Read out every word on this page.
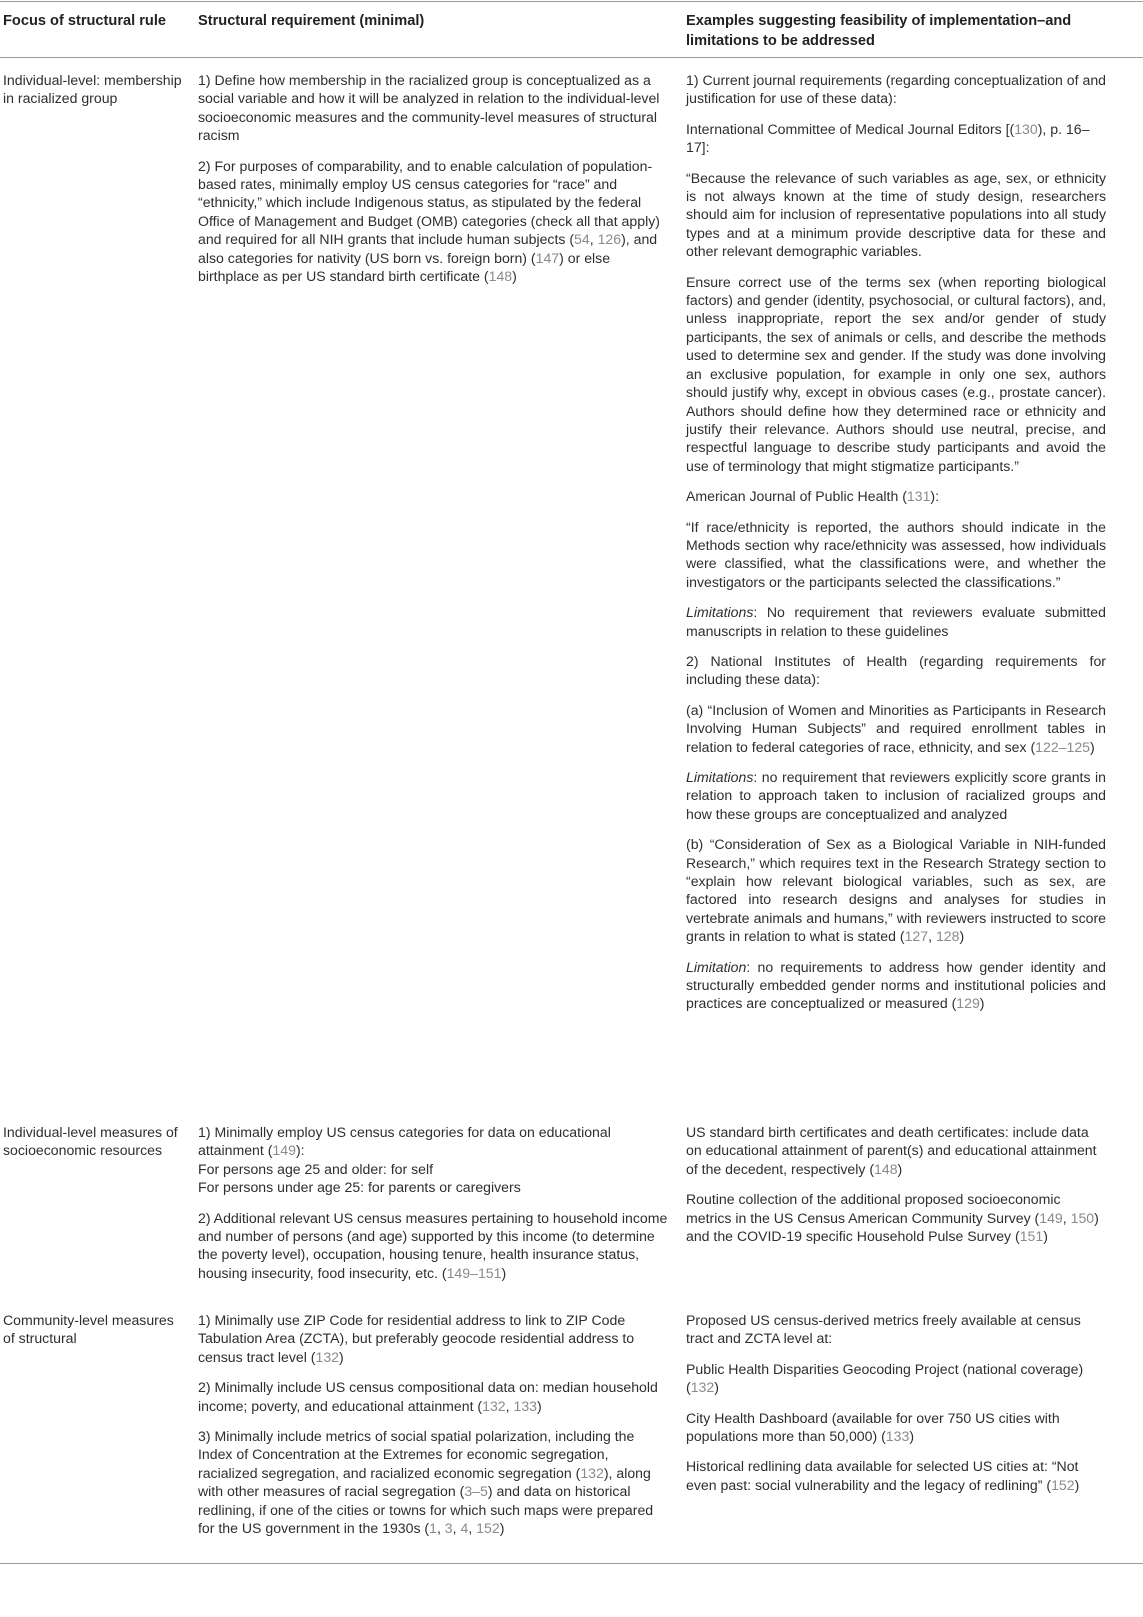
Focus of structural rule	Structural requirement (minimal)	Examples suggesting feasibility of implementation–and limitations to be addressed
Individual-level: membership in racialized group

1) Define how membership in the racialized group is conceptualized as a social variable and how it will be analyzed in relation to the individual-level socioeconomic measures and the community-level measures of structural racism

2) For purposes of comparability, and to enable calculation of population-based rates, minimally employ US census categories for “race” and “ethnicity,” which include Indigenous status, as stipulated by the federal Office of Management and Budget (OMB) categories (check all that apply) and required for all NIH grants that include human subjects (54, 126), and also categories for nativity (US born vs. foreign born) (147) or else birthplace as per US standard birth certificate (148)

1) Current journal requirements (regarding conceptualization of and justification for use of these data):

International Committee of Medical Journal Editors [(130), p. 16–17]:

“Because the relevance of such variables as age, sex, or ethnicity is not always known at the time of study design, researchers should aim for inclusion of representative populations into all study types and at a minimum provide descriptive data for these and other relevant demographic variables.

Ensure correct use of the terms sex (when reporting biological factors) and gender (identity, psychosocial, or cultural factors), and, unless inappropriate, report the sex and/or gender of study participants, the sex of animals or cells, and describe the methods used to determine sex and gender. If the study was done involving an exclusive population, for example in only one sex, authors should justify why, except in obvious cases (e.g., prostate cancer). Authors should define how they determined race or ethnicity and justify their relevance. Authors should use neutral, precise, and respectful language to describe study participants and avoid the use of terminology that might stigmatize participants.”

American Journal of Public Health (131):

“If race/ethnicity is reported, the authors should indicate in the Methods section why race/ethnicity was assessed, how individuals were classified, what the classifications were, and whether the investigators or the participants selected the classifications.”

Limitations: No requirement that reviewers evaluate submitted manuscripts in relation to these guidelines

2) National Institutes of Health (regarding requirements for including these data):

(a) “Inclusion of Women and Minorities as Participants in Research Involving Human Subjects” and required enrollment tables in relation to federal categories of race, ethnicity, and sex (122–125)

Limitations: no requirement that reviewers explicitly score grants in relation to approach taken to inclusion of racialized groups and how these groups are conceptualized and analyzed

(b) “Consideration of Sex as a Biological Variable in NIH-funded Research,” which requires text in the Research Strategy section to “explain how relevant biological variables, such as sex, are factored into research designs and analyses for studies in vertebrate animals and humans,” with reviewers instructed to score grants in relation to what is stated (127, 128)

Limitation: no requirements to address how gender identity and structurally embedded gender norms and institutional policies and practices are conceptualized or measured (129)

Individual-level measures of socioeconomic resources

1) Minimally employ US census categories for data on educational attainment (149):
For persons age 25 and older: for self
For persons under age 25: for parents or caregivers

2) Additional relevant US census measures pertaining to household income and number of persons (and age) supported by this income (to determine the poverty level), occupation, housing tenure, health insurance status, housing insecurity, food insecurity, etc. (149–151)

US standard birth certificates and death certificates: include data on educational attainment of parent(s) and educational attainment of the decedent, respectively (148)

Routine collection of the additional proposed socioeconomic metrics in the US Census American Community Survey (149, 150) and the COVID-19 specific Household Pulse Survey (151)

Community-level measures of structural

1) Minimally use ZIP Code for residential address to link to ZIP Code Tabulation Area (ZCTA), but preferably geocode residential address to census tract level (132)

2) Minimally include US census compositional data on: median household income; poverty, and educational attainment (132, 133)

3) Minimally include metrics of social spatial polarization, including the Index of Concentration at the Extremes for economic segregation, racialized segregation, and racialized economic segregation (132), along with other measures of racial segregation (3–5) and data on historical redlining, if one of the cities or towns for which such maps were prepared for the US government in the 1930s (1, 3, 4, 152)

Proposed US census-derived metrics freely available at census tract and ZCTA level at:

Public Health Disparities Geocoding Project (national coverage) (132)

City Health Dashboard (available for over 750 US cities with populations more than 50,000) (133)

Historical redlining data available for selected US cities at: “Not even past: social vulnerability and the legacy of redlining” (152)
